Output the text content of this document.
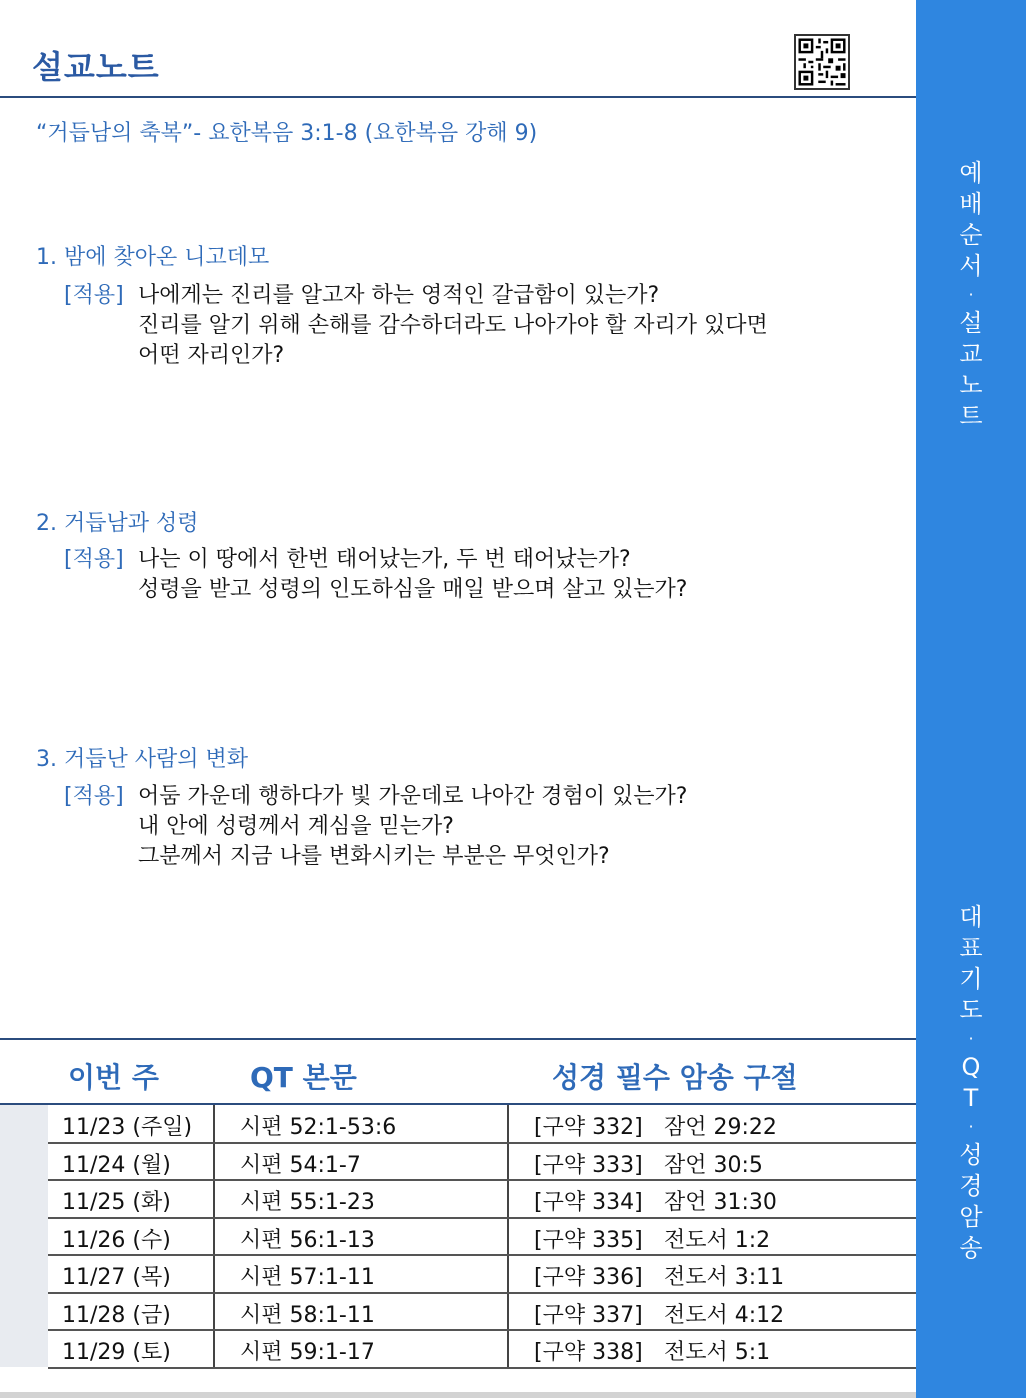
설교노트
“거듭남의 축복”- 요한복음 3:1-8 (요한복음 강해 9)
1. 밤에 찾아온 니고데모
[적용] 나에게는 진리를 알고자 하는 영적인 갈급함이 있는가?
진리를 알기 위해 손해를 감수하더라도 나아가야 할 자리가 있다면
어떤 자리인가?
2. 거듭남과 성령
[적용] 나는 이 땅에서 한번 태어났는가, 두 번 태어났는가?
성령을 받고 성령의 인도하심을 매일 받으며 살고 있는가?
3. 거듭난 사람의 변화
[적용] 어둠 가운데 행하다가 빛 가운데로 나아간 경험이 있는가?
내 안에 성령께서 계심을 믿는가?
그분께서 지금 나를 변화시키는 부분은 무엇인가?
예
배
순
서
·
설
교
노
트
대
표
기
도
·
Q
T
·
성
경
암
송
이번 주	QT 본문	성경 필수 암송 구절
11/23 (주일) 시편 52:1-53:6	[구약 332] 잠언 29:22
11/24 (월)	시편 54:1-7	[구약 333] 잠언 30:5
11/25 (화)	시편 55:1-23	[구약 334] 잠언 31:30
11/26 (수)	시편 56:1-13	[구약 335] 전도서 1:2
11/27 (목)	시편 57:1-11	[구약 336] 전도서 3:11
11/28 (금)	시편 58:1-11	[구약 337] 전도서 4:12
11/29 (토)	시편 59:1-17	[구약 338] 전도서 5:1
